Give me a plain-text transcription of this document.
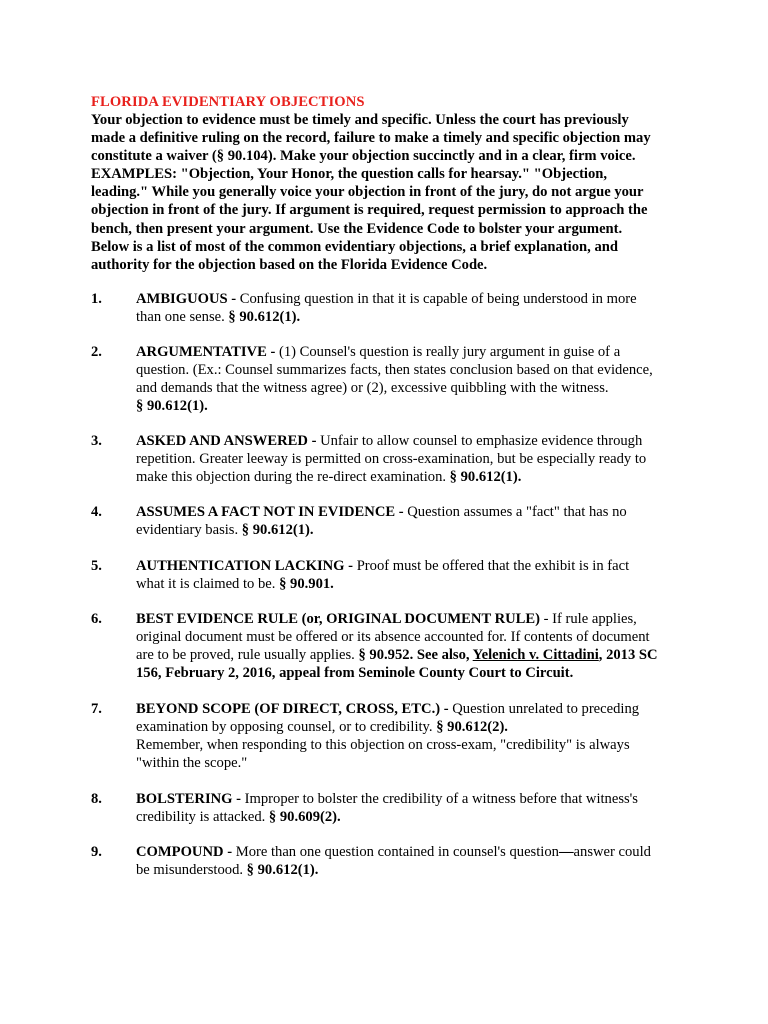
FLORIDA EVIDENTIARY OBJECTIONS
Your objection to evidence must be timely and specific. Unless the court has previously
made a definitive ruling on the record, failure to make a timely and specific objection may
constitute a waiver (§ 90.104). Make your objection succinctly and in a clear, firm voice.
EXAMPLES: "Objection, Your Honor, the question calls for hearsay." "Objection,
leading." While you generally voice your objection in front of the jury, do not argue your
objection in front of the jury. If argument is required, request permission to approach the
bench, then present your argument. Use the Evidence Code to bolster your argument.
Below is a list of most of the common evidentiary objections, a brief explanation, and
authority for the objection based on the Florida Evidence Code.
1. AMBIGUOUS - Confusing question in that it is capable of being understood in more
than one sense. § 90.612(1).
2. ARGUMENTATIVE - (1) Counsel's question is really jury argument in guise of a
question. (Ex.: Counsel summarizes facts, then states conclusion based on that evidence,
and demands that the witness agree) or (2), excessive quibbling with the witness.
§ 90.612(1).
3. ASKED AND ANSWERED - Unfair to allow counsel to emphasize evidence through
repetition. Greater leeway is permitted on cross-examination, but be especially ready to
make this objection during the re-direct examination. § 90.612(1).
4. ASSUMES A FACT NOT IN EVIDENCE - Question assumes a "fact" that has no
evidentiary basis. § 90.612(1).
5. AUTHENTICATION LACKING - Proof must be offered that the exhibit is in fact
what it is claimed to be. § 90.901.
6. BEST EVIDENCE RULE (or, ORIGINAL DOCUMENT RULE) - If rule applies,
original document must be offered or its absence accounted for. If contents of document
are to be proved, rule usually applies. § 90.952. See also, Yelenich v. Cittadini, 2013 SC
156, February 2, 2016, appeal from Seminole County Court to Circuit.
7. BEYOND SCOPE (OF DIRECT, CROSS, ETC.) - Question unrelated to preceding
examination by opposing counsel, or to credibility. § 90.612(2).
Remember, when responding to this objection on cross-exam, "credibility" is always
"within the scope."
8. BOLSTERING - Improper to bolster the credibility of a witness before that witness's
credibility is attacked. § 90.609(2).
9. COMPOUND - More than one question contained in counsel's question—answer could
be misunderstood. § 90.612(1).
